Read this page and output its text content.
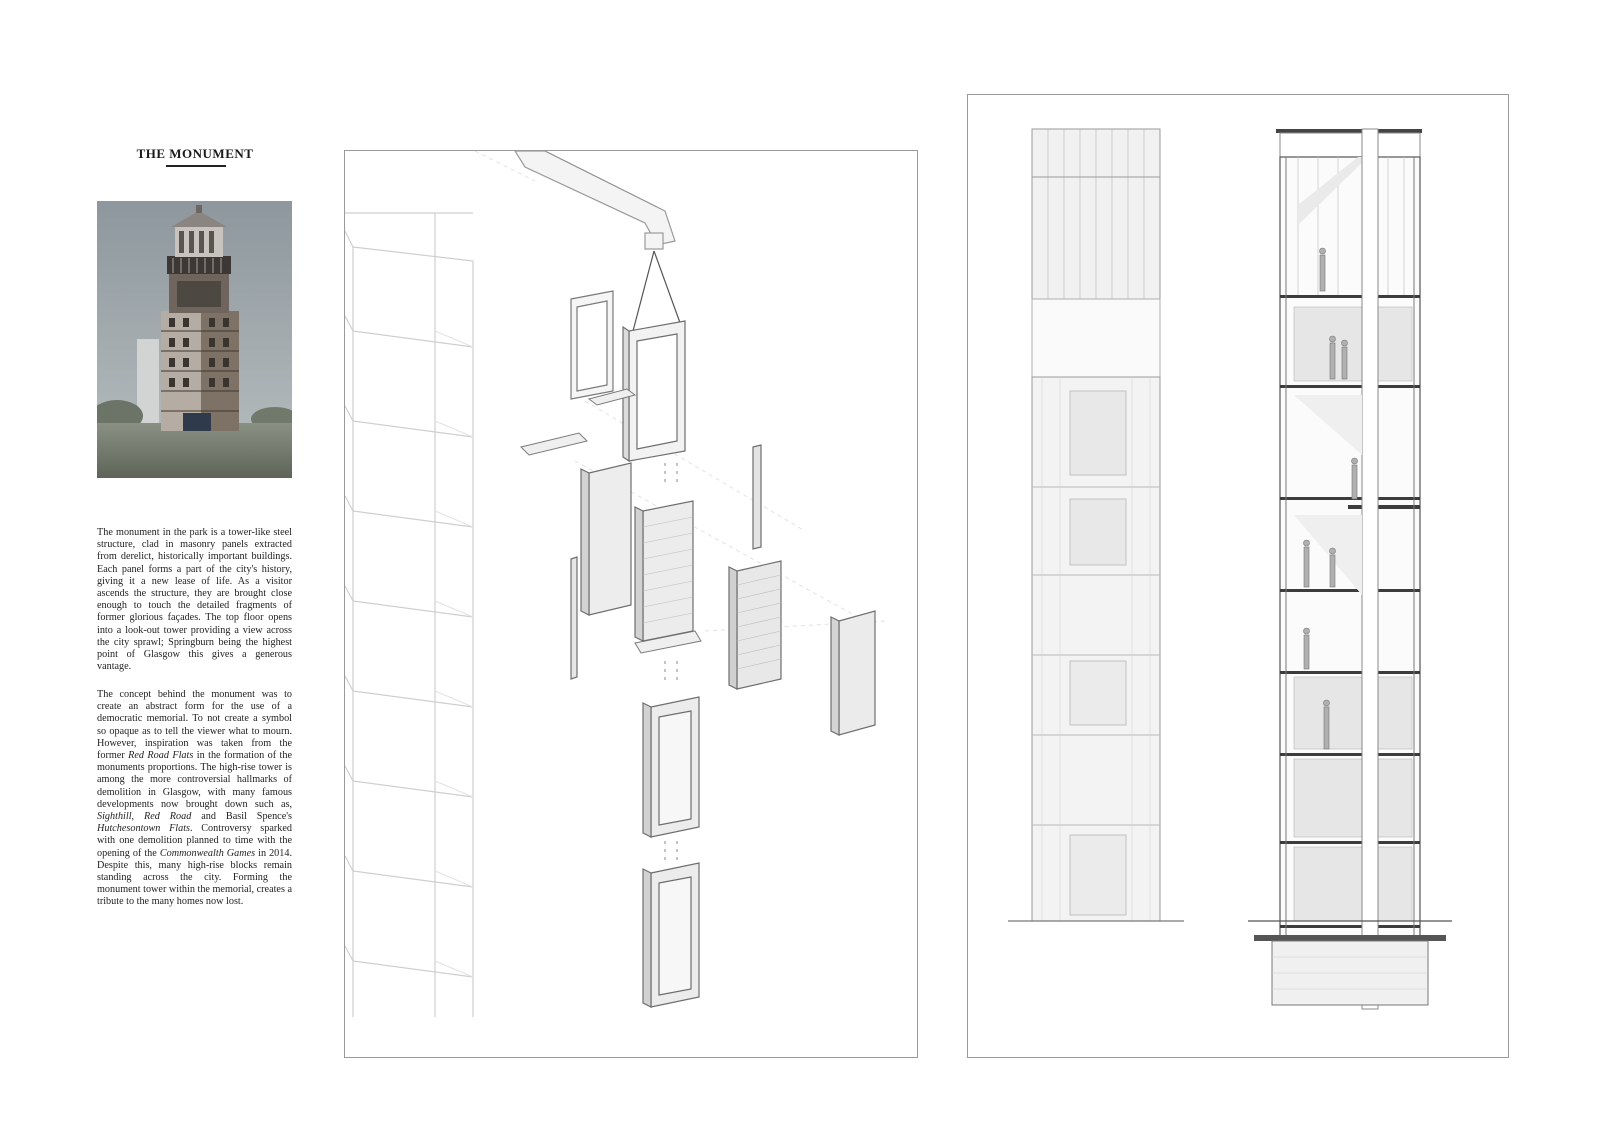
THE MONUMENT
The monument in the park is a tower-like steel structure, clad in masonry panels extracted from derelict, historically important buildings. Each panel forms a part of the city's history, giving it a new lease of life. As a visitor ascends the structure, they are brought close enough to touch the detailed fragments of former glorious façades. The top floor opens into a look-out tower providing a view across the city sprawl; Springburn being the highest point of Glasgow this gives a generous vantage.
The concept behind the monument was to create an abstract form for the use of a democratic memorial. To not create a symbol so opaque as to tell the viewer what to mourn. However, inspiration was taken from the former Red Road Flats in the formation of the monuments proportions. The high-rise tower is among the more controversial hallmarks of demolition in Glasgow, with many famous developments now brought down such as, Sighthill, Red Road and Basil Spence's Hutchesontown Flats. Controversy sparked with one demolition planned to time with the opening of the Commonwealth Games in 2014. Despite this, many high-rise blocks remain standing across the city. Forming the monument tower within the memorial, creates a tribute to the many homes now lost.
